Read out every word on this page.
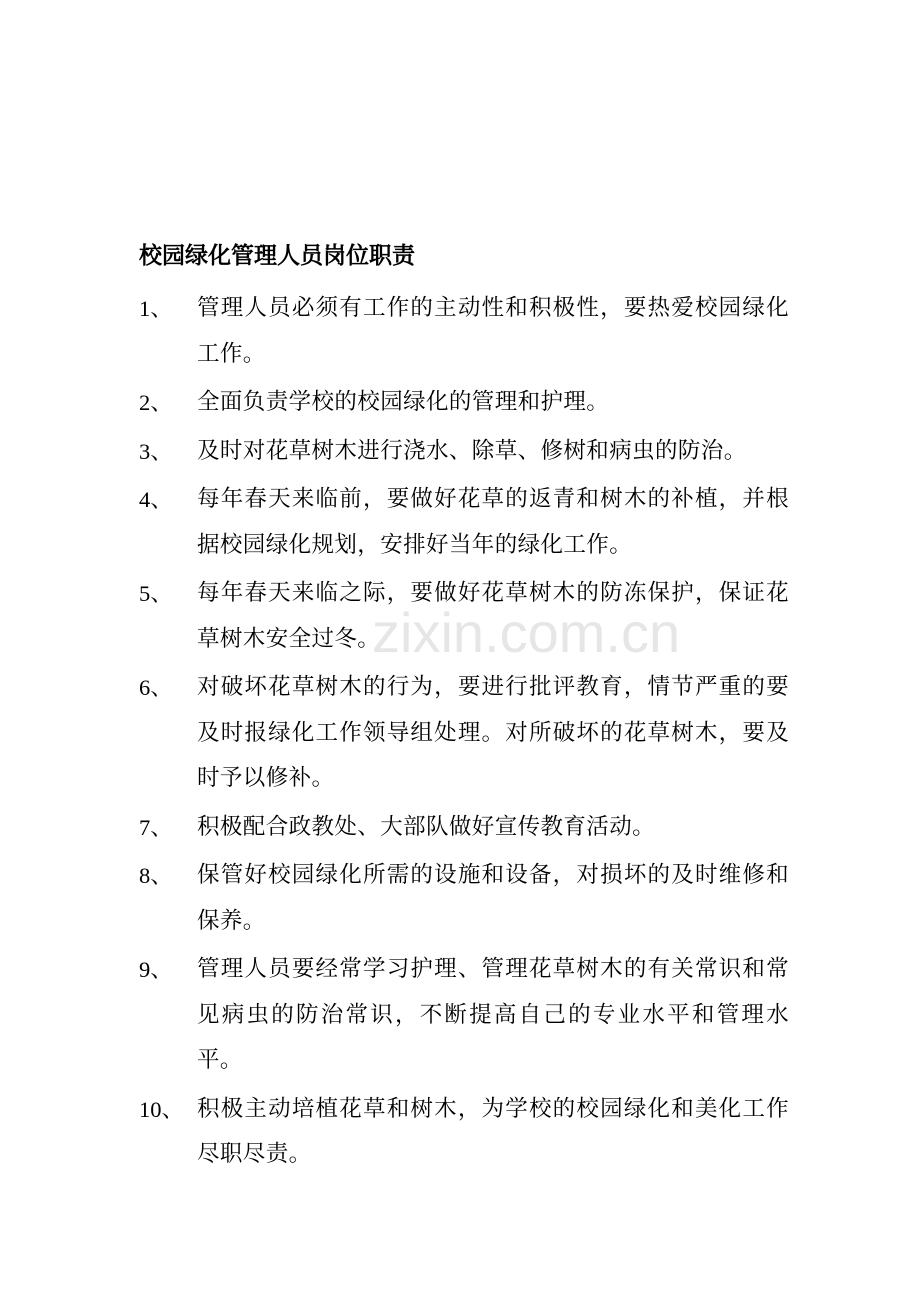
校园绿化管理人员岗位职责
1、 管理人员必须有工作的主动性和积极性，要热爱校园绿化工作。
2、 全面负责学校的校园绿化的管理和护理。
3、 及时对花草树木进行浇水、除草、修树和病虫的防治。
4、 每年春天来临前，要做好花草的返青和树木的补植，并根据校园绿化规划，安排好当年的绿化工作。
5、 每年春天来临之际，要做好花草树木的防冻保护，保证花草树木安全过冬。
6、 对破坏花草树木的行为，要进行批评教育，情节严重的要及时报绿化工作领导组处理。对所破坏的花草树木，要及时予以修补。
7、 积极配合政教处、大部队做好宣传教育活动。
8、 保管好校园绿化所需的设施和设备，对损坏的及时维修和保养。
9、 管理人员要经常学习护理、管理花草树木的有关常识和常见病虫的防治常识，不断提高自己的专业水平和管理水平。
10、 积极主动培植花草和树木，为学校的校园绿化和美化工作尽职尽责。
zixin.com.cn
